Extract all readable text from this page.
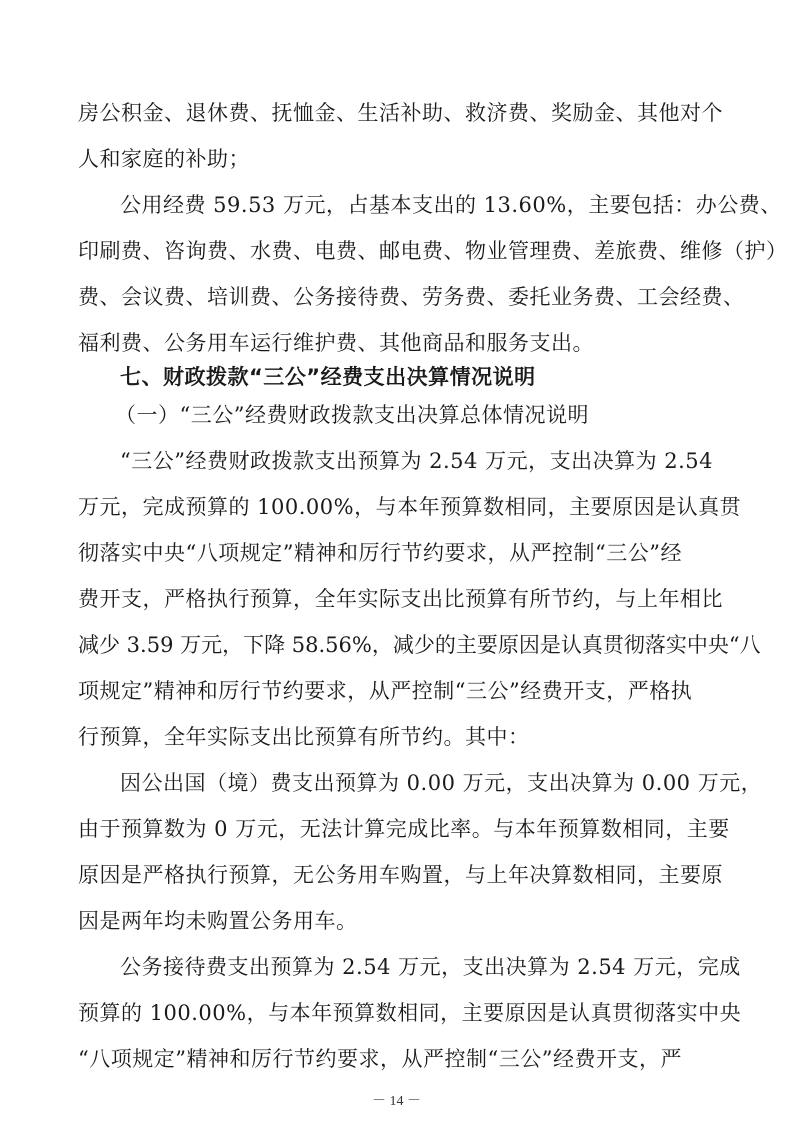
房公积金、退休费、抚恤金、生活补助、救济费、奖励金、其他对个
人和家庭的补助；
公用经费 59.53 万元，占基本支出的 13.60%，主要包括：办公费、
印刷费、咨询费、水费、电费、邮电费、物业管理费、差旅费、维修（护）
费、会议费、培训费、公务接待费、劳务费、委托业务费、工会经费、
福利费、公务用车运行维护费、其他商品和服务支出。
七、财政拨款“三公”经费支出决算情况说明
（一）“三公”经费财政拨款支出决算总体情况说明
“三公”经费财政拨款支出预算为 2.54 万元，支出决算为 2.54
万元，完成预算的 100.00%，与本年预算数相同，主要原因是认真贯
彻落实中央“八项规定”精神和厉行节约要求，从严控制“三公”经
费开支，严格执行预算，全年实际支出比预算有所节约，与上年相比
减少 3.59 万元，下降 58.56%，减少的主要原因是认真贯彻落实中央“八
项规定”精神和厉行节约要求，从严控制“三公”经费开支，严格执
行预算，全年实际支出比预算有所节约。其中：
因公出国（境）费支出预算为 0.00 万元，支出决算为 0.00 万元，
由于预算数为 0 万元，无法计算完成比率。与本年预算数相同，主要
原因是严格执行预算，无公务用车购置，与上年决算数相同，主要原
因是两年均未购置公务用车。
公务接待费支出预算为 2.54 万元，支出决算为 2.54 万元，完成
预算的 100.00%，与本年预算数相同，主要原因是认真贯彻落实中央
“八项规定”精神和厉行节约要求，从严控制“三公”经费开支，严
－ 14 －
